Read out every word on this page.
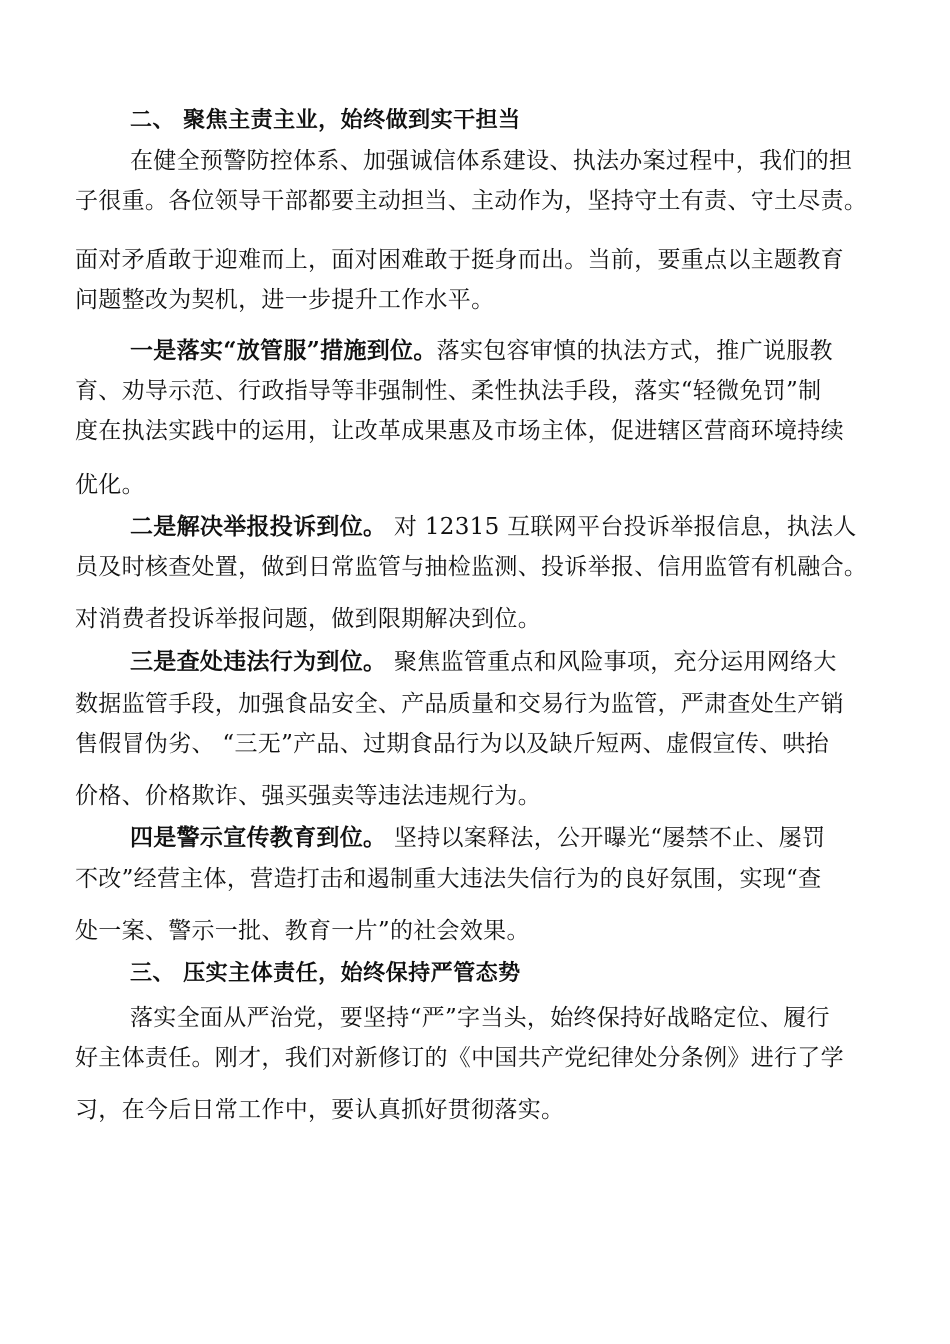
二、 聚焦主责主业，始终做到实干担当
在健全预警防控体系、加强诚信体系建设、执法办案过程中，我们的担
子很重。各位领导干部都要主动担当、主动作为，坚持守土有责、守土尽责。
面对矛盾敢于迎难而上，面对困难敢于挺身而出。当前，要重点以主题教育
问题整改为契机，进一步提升工作水平。
一是落实“放管服”措施到位。落实包容审慎的执法方式，推广说服教
育、劝导示范、行政指导等非强制性、柔性执法手段，落实“轻微免罚”制
度在执法实践中的运用，让改革成果惠及市场主体，促进辖区营商环境持续
优化。
二是解决举报投诉到位。 对 12315 互联网平台投诉举报信息，执法人
员及时核查处置，做到日常监管与抽检监测、投诉举报、信用监管有机融合。
对消费者投诉举报问题，做到限期解决到位。
三是查处违法行为到位。 聚焦监管重点和风险事项，充分运用网络大
数据监管手段，加强食品安全、产品质量和交易行为监管，严肃查处生产销
售假冒伪劣、 “三无”产品、过期食品行为以及缺斤短两、虚假宣传、哄抬
价格、价格欺诈、强买强卖等违法违规行为。
四是警示宣传教育到位。 坚持以案释法，公开曝光“屡禁不止、屡罚
不改”经营主体，营造打击和遏制重大违法失信行为的良好氛围，实现“查
处一案、警示一批、教育一片”的社会效果。
三、 压实主体责任，始终保持严管态势
落实全面从严治党，要坚持“严”字当头，始终保持好战略定位、履行
好主体责任。刚才，我们对新修订的《中国共产党纪律处分条例》进行了学
习，在今后日常工作中，要认真抓好贯彻落实。
